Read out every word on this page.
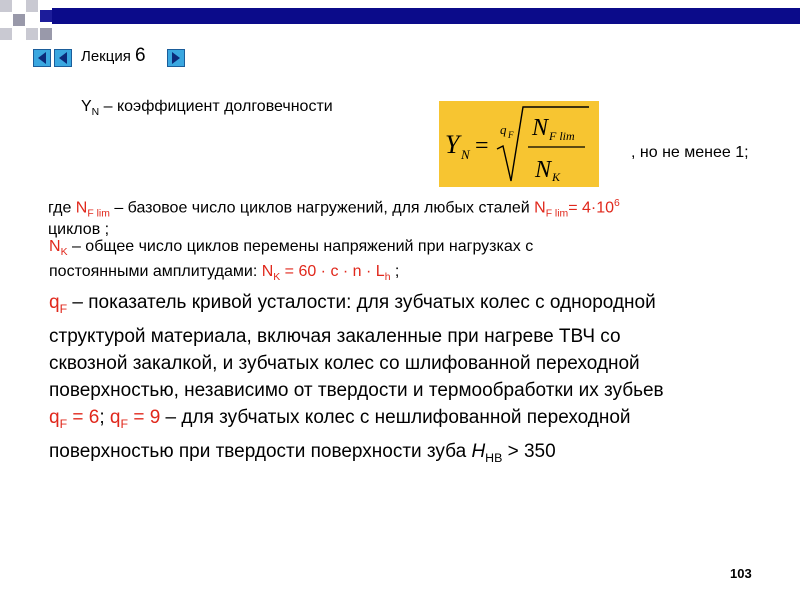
Лекция 6
$Y_N$ – коэффициент долговечности
Y N =
q F N F lim
N K
, но не менее 1;
где $N_{F lim}$ – базовое число циклов нагружений, для любых сталей $N_{F lim}= 4\cdot 10^6$
циклов ;
$N_K$ – общее число циклов перемены напряжений при нагрузках с
постоянными амплитудами: $N_K = 60 \cdot c \cdot n \cdot L_h$ ;
$q_F$ – показатель кривой усталости: для зубчатых колес с однородной
структурой материала, включая закаленные при нагреве ТВЧ со
сквозной закалкой, и зубчатых колес со шлифованной переходной
поверхностью, независимо от твердости и термообработки их зубьев
$q_F = 6$; $q_F = 9$ – для зубчатых колес с нешлифованной переходной
поверхностью при твердости поверхности зуба $H_{HB} > 350$
103
